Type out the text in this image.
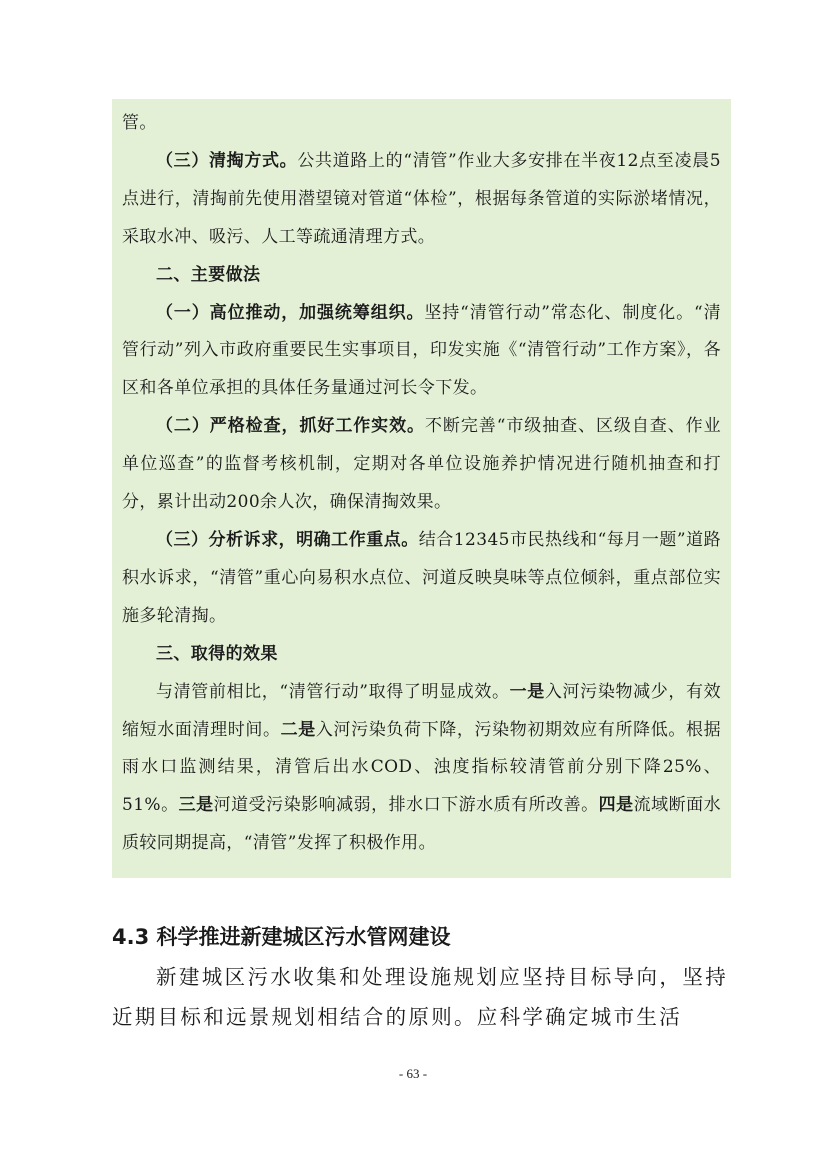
管。

（三）清掏方式。公共道路上的“清管”作业大多安排在半夜12点至凌晨5点进行，清掏前先使用潜望镜对管道“体检”，根据每条管道的实际淤堵情况，采取水冲、吸污、人工等疏通清理方式。

二、主要做法

（一）高位推动，加强统筹组织。坚持“清管行动”常态化、制度化。“清管行动”列入市政府重要民生实事项目，印发实施《“清管行动”工作方案》，各区和各单位承担的具体任务量通过河长令下发。

（二）严格检查，抓好工作实效。不断完善“市级抽查、区级自查、作业单位巡查”的监督考核机制，定期对各单位设施养护情况进行随机抽查和打分，累计出动200余人次，确保清掏效果。

（三）分析诉求，明确工作重点。结合12345市民热线和“每月一题”道路积水诉求，“清管”重心向易积水点位、河道反映臭味等点位倾斜，重点部位实施多轮清掏。

三、取得的效果

与清管前相比，“清管行动”取得了明显成效。一是入河污染物减少，有效缩短水面清理时间。二是入河污染负荷下降，污染物初期效应有所降低。根据雨水口监测结果，清管后出水COD、浊度指标较清管前分别下降25%、51%。三是河道受污染影响减弱，排水口下游水质有所改善。四是流域断面水质较同期提高，“清管”发挥了积极作用。

4.3 科学推进新建城区污水管网建设

新建城区污水收集和处理设施规划应坚持目标导向，坚持近期目标和远景规划相结合的原则。应科学确定城市生活

- 63 -
